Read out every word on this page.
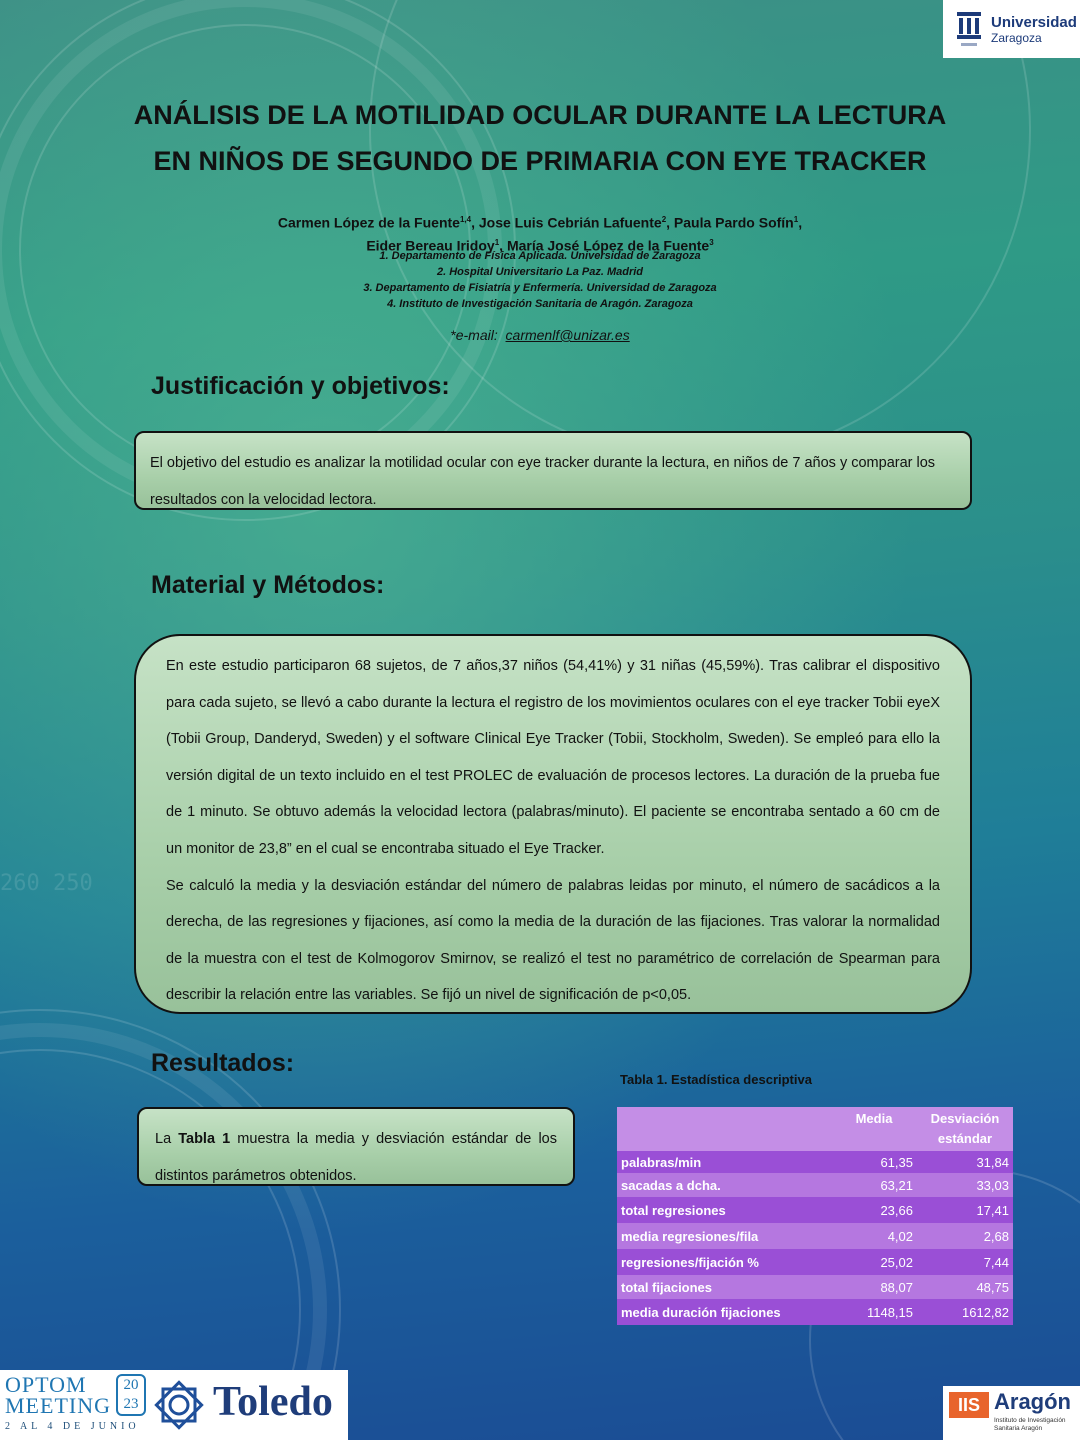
260 250
Universidad
Zaragoza
ANÁLISIS DE LA MOTILIDAD OCULAR DURANTE LA LECTURA
EN NIÑOS DE SEGUNDO DE PRIMARIA CON EYE TRACKER
Carmen López de la Fuente$^{1,4}$, Jose Luis Cebrián Lafuente$^2$, Paula Pardo Sofín$^1$,
Eider Bereau Iridoy$^1$, María José López de la Fuente$^3$
1. Departamento de Física Aplicada. Universidad de Zaragoza
2. Hospital Universitario La Paz. Madrid
3. Departamento de Fisiatría y Enfermería. Universidad de Zaragoza
4. Instituto de Investigación Sanitaria de Aragón. Zaragoza
*e-mail: carmenlf@unizar.es
Justificación y objetivos:
El objetivo del estudio es analizar la motilidad ocular con eye tracker durante la lectura, en niños de 7 años y comparar los resultados con la velocidad lectora.
Material y Métodos:

En este estudio participaron 68 sujetos, de 7 años,37 niños (54,41%) y 31 niñas (45,59%). Tras calibrar el dispositivo para cada sujeto, se llevó a cabo durante la lectura el registro de los movimientos oculares con el eye tracker Tobii eyeX (Tobii Group, Danderyd, Sweden) y el software Clinical Eye Tracker (Tobii, Stockholm, Sweden). Se empleó para ello la versión digital de un texto incluido en el test PROLEC de evaluación de procesos lectores. La duración de la prueba fue de 1 minuto. Se obtuvo además la velocidad lectora (palabras/minuto). El paciente se encontraba sentado a 60 cm de un monitor de 23,8” en el cual se encontraba situado el Eye Tracker.

Se calculó la media y la desviación estándar del número de palabras leidas por minuto, el número de sacádicos a la derecha, de las regresiones y fijaciones, así como la media de la duración de las fijaciones. Tras valorar la normalidad de la muestra con el test de Kolmogorov Smirnov, se realizó el test no paramétrico de correlación de Spearman para describir la relación entre las variables. Se fijó un nivel de significación de p<0,05.

Resultados:
La Tabla 1 muestra la media y desviación estándar de los distintos parámetros obtenidos.
Tabla 1. Estadística descriptiva
	Media	Desviación estándar
palabras/min	61,35	31,84
sacadas a dcha.	63,21	33,03
total regresiones	23,66	17,41
media regresiones/fila	4,02	2,68
regresiones/fijación %	25,02	7,44
total fijaciones	88,07	48,75
media duración fijaciones	1148,15	1612,82
OPTOM
MEETING
20
23
2 AL 4 DE JUNIO
Toledo	IIS Aragón
Instituto de Investigación Sanitaria Aragón
